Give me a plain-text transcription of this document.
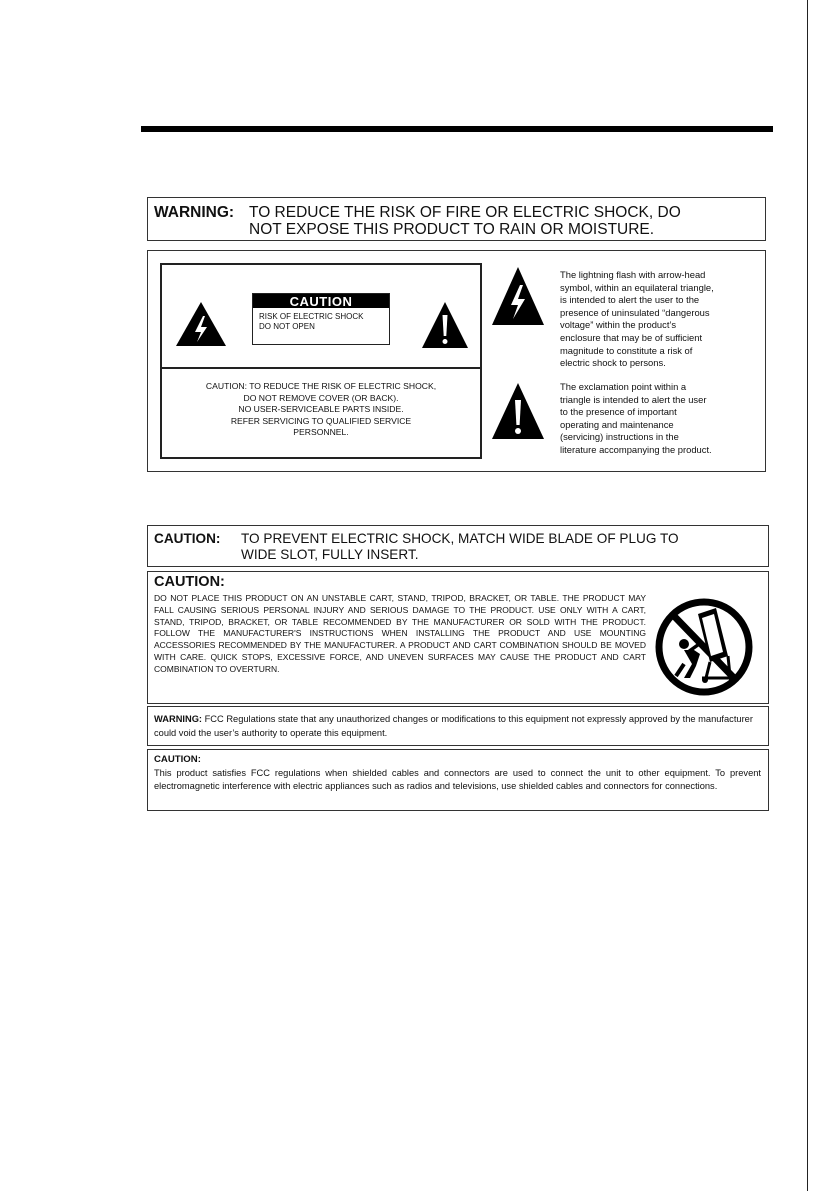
WARNING: TO REDUCE THE RISK OF FIRE OR ELECTRIC SHOCK, DO
NOT EXPOSE THIS PRODUCT TO RAIN OR MOISTURE.
CAUTION
RISK OF ELECTRIC SHOCK
DO NOT OPEN
CAUTION: TO REDUCE THE RISK OF ELECTRIC SHOCK,
DO NOT REMOVE COVER (OR BACK).
NO USER-SERVICEABLE PARTS INSIDE.
REFER SERVICING TO QUALIFIED SERVICE
PERSONNEL.
The lightning flash with arrow-head
symbol, within an equilateral triangle,
is intended to alert the user to the
presence of uninsulated “dangerous
voltage” within the product’s
enclosure that may be of sufficient
magnitude to constitute a risk of
electric shock to persons.
The exclamation point within a
triangle is intended to alert the user
to the presence of important
operating and maintenance
(servicing) instructions in the
literature accompanying the product.
CAUTION: TO PREVENT ELECTRIC SHOCK, MATCH WIDE BLADE OF PLUG TO
WIDE SLOT, FULLY INSERT.
CAUTION:
DO NOT PLACE THIS PRODUCT ON AN UNSTABLE CART, STAND, TRIPOD, BRACKET, OR TABLE. THE PRODUCT MAY FALL CAUSING SERIOUS PERSONAL INJURY AND SERIOUS DAMAGE TO THE PRODUCT. USE ONLY WITH A CART, STAND, TRIPOD, BRACKET, OR TABLE RECOMMENDED BY THE MANUFACTURER OR SOLD WITH THE PRODUCT. FOLLOW THE MANUFACTURER'S INSTRUCTIONS WHEN INSTALLING THE PRODUCT AND USE MOUNTING ACCESSORIES RECOMMENDED BY THE MANUFACTURER. A PRODUCT AND CART COMBINATION SHOULD BE MOVED WITH CARE. QUICK STOPS, EXCESSIVE FORCE, AND UNEVEN SURFACES MAY CAUSE THE PRODUCT AND CART COMBINATION TO OVERTURN.
WARNING: FCC Regulations state that any unauthorized changes or modifications to this equipment not expressly approved by the manufacturer could void the user’s authority to operate this equipment.
CAUTION:
This product satisfies FCC regulations when shielded cables and connectors are used to connect the unit to other equipment. To prevent electromagnetic interference with electric appliances such as radios and televisions, use shielded cables and connectors for connections.
